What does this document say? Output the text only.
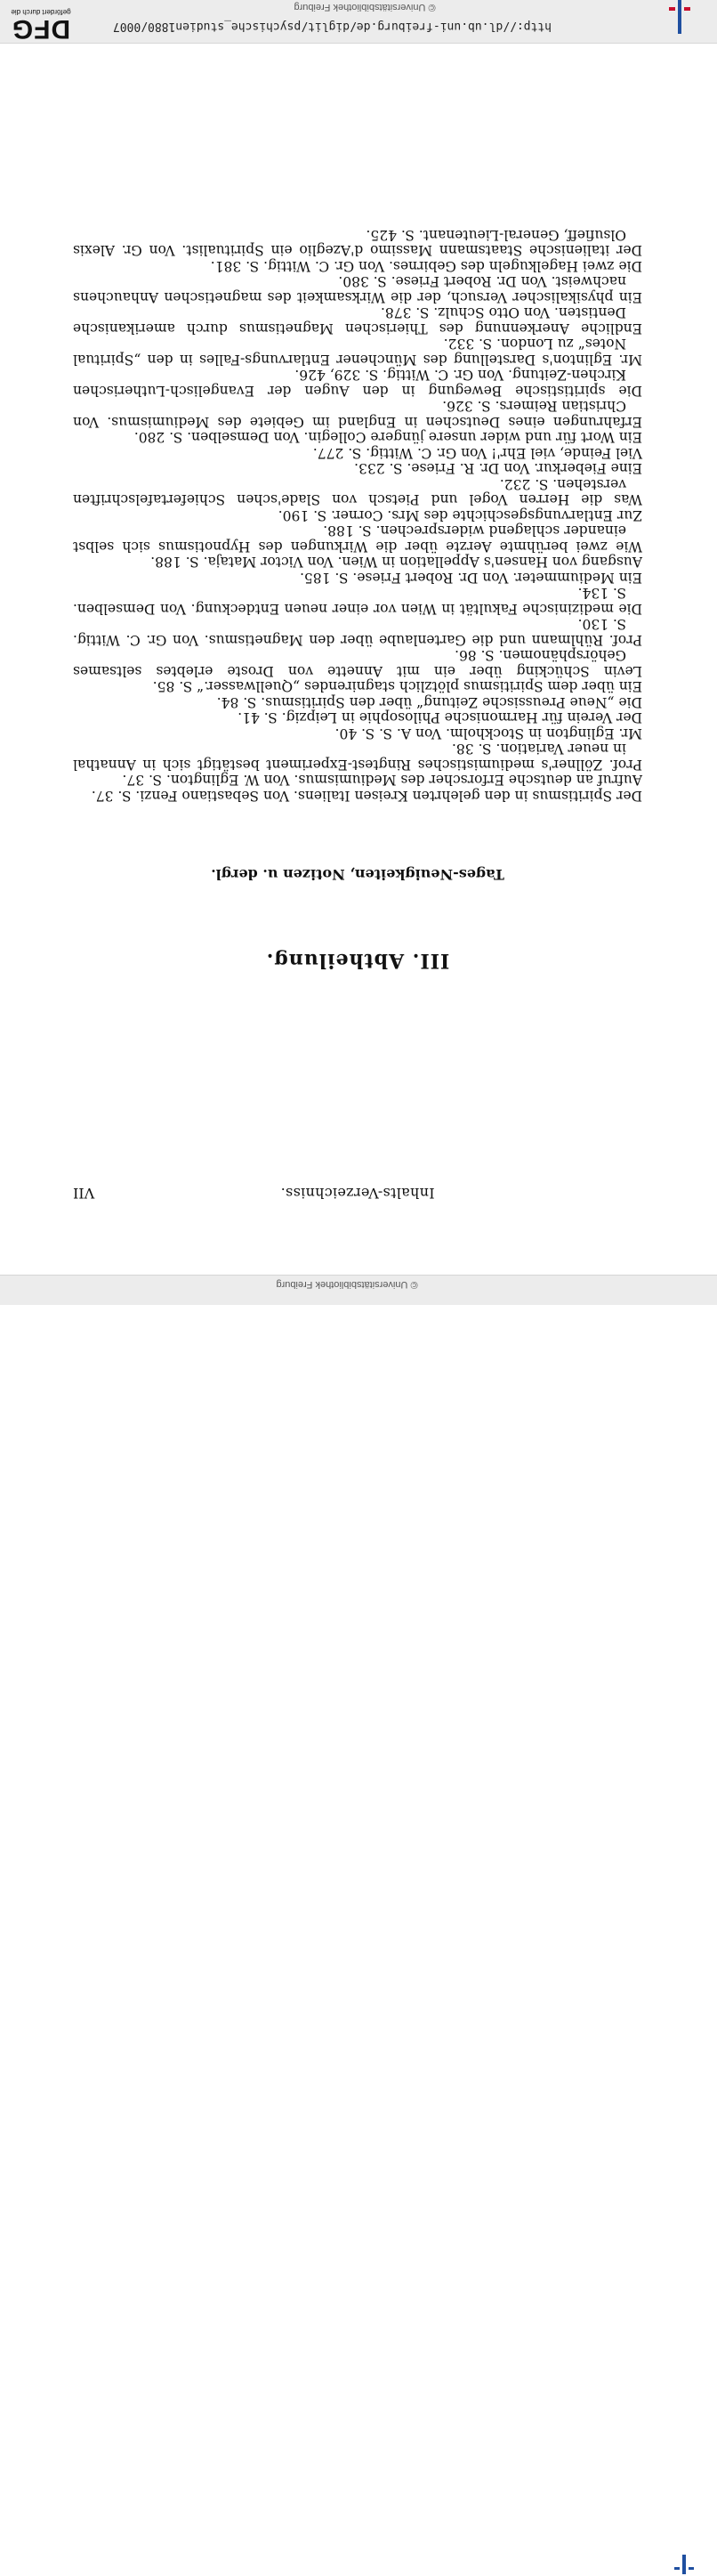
DFG
gefördert durch die
http://dl.ub.uni-freiburg.de/diglit/psychische_studien1880/0007
© Universitätsbibliothek Freiburg
Inhalts-Verzeichniss.
VII
III. Abtheilung.
Tages-Neuigkeiten, Notizen u. dergl.

Der Spiritismus in den gelehrten Kreisen Italiens. Von Sebastiano Fenzi. S. 37.

Aufruf an deutsche Erforscher des Mediumismus. Von W. Eglington. S. 37.

Prof. Zöllner's mediumistisches Ringtest-Experiment bestätigt sich in Annathal in neuer Variation. S. 38.

Mr. Eglington in Stockholm. Von A. S. S. 40.

Der Verein für Harmonische Philosophie in Leipzig. S. 41.

Die „Neue Preussische Zeitung“ über den Spiritismus. S. 84.

Ein über dem Spiritismus plötzlich stagnirendes „Quellwasser.“ S. 85.

Levin Schücking über ein mit Annette von Droste erlebtes seltsames Gehörsphänomen. S. 86.

Prof. Rühlmann und die Gartenlaube über den Magnetismus. Von Gr. C. Wittig. S. 130.

Die medizinische Fakultät in Wien vor einer neuen Entdeckung. Von Demselben. S. 134.

Ein Mediummeter. Von Dr. Robert Friese. S. 185.

Ausgang von Hansen's Appellation in Wien. Von Victor Mataja. S. 188.

Wie zwei berühmte Aerzte über die Wirkungen des Hypnotismus sich selbst einander schlagend widersprechen. S. 188.

Zur Entlarvungsgeschichte des Mrs. Corner. S. 190.

Was die Herren Vogel und Pietsch von Slade'schen Schiefertafelschriften verstehen. S. 232.

Eine Fieberkur. Von Dr. R. Friese. S. 233.

Viel Feinde, viel Ehr'! Von Gr. C. Wittig. S. 277.

Ein Wort für und wider unsere jüngere Collegin. Von Demselben. S. 280.

Erfahrungen eines Deutschen in England im Gebiete des Mediumismus. Von Christian Reimers. S. 326.

Die spiritistische Bewegung in den Augen der Evangelisch-Lutherischen Kirchen-Zeitung. Von Gr. C. Wittig. S. 329, 426.

Mr. Eglinton's Darstellung des Münchener Entlarvungs-Falles in den „Spiritual Notes“ zu London. S. 332.

Endliche Anerkennung des Thierischen Magnetismus durch amerikanische Dentisten. Von Otto Schulz. S. 378.

Ein physikalischer Versuch, der die Wirksamkeit des magnetischen Anhauchens nachweist. Von Dr. Robert Friese. S. 380.

Die zwei Hagelkugeln des Gebirnes. Von Gr. C. Wittig. S. 381.

Der italienische Staatsmann Massimo d'Azeglio ein Spiritualist. Von Gr. Alexis Olsufieff, General-Lieutenant. S. 425.

© Universitätsbibliothek Freiburg
